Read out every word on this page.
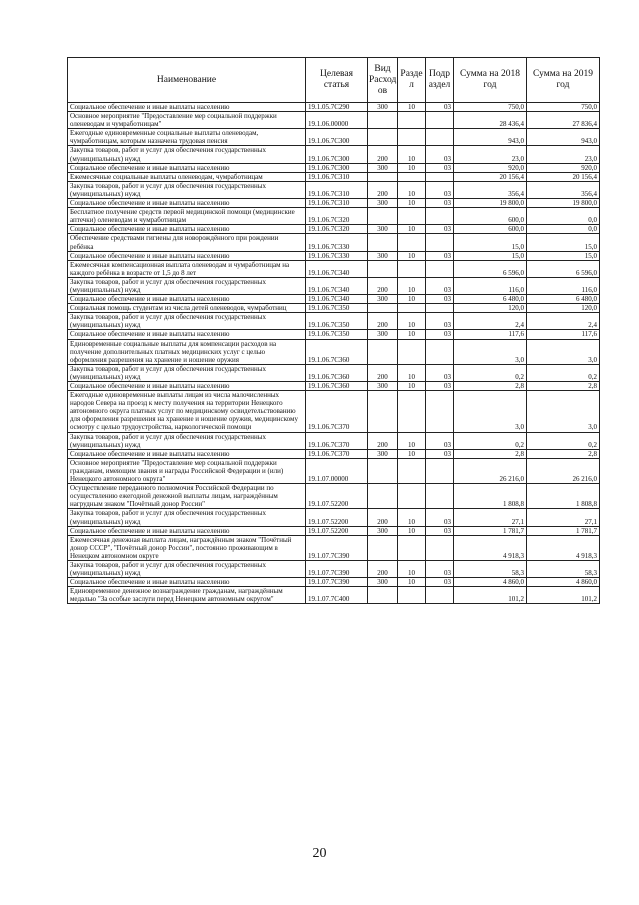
Наименование	Целевая статья	Вид Расход ов	Разде л	Подр аздел	Сумма на 2018 год	Сумма на 2019 год
Социальное обеспечение и иные выплаты населению	19.1.05.7С290	300	10	03	750,0	750,0
Основное мероприятие "Предоставление мер социальной поддержки оленеводам и чумработницам"	19.1.06.00000				28 436,4	27 836,4
Ежегодные единовременные социальные выплаты оленеводам, чумработницам, которым назначена трудовая пенсия	19.1.06.7С300				943,0	943,0
Закупка товаров, работ и услуг для обеспечения государственных (муниципальных) нужд	19.1.06.7С300	200	10	03	23,0	23,0
Социальное обеспечение и иные выплаты населению	19.1.06.7С300	300	10	03	920,0	920,0
Ежемесячные социальные выплаты оленеводам, чумработницам	19.1.06.7С310				20 156,4	20 156,4
Закупка товаров, работ и услуг для обеспечения государственных (муниципальных) нужд	19.1.06.7С310	200	10	03	356,4	356,4
Социальное обеспечение и иные выплаты населению	19.1.06.7С310	300	10	03	19 800,0	19 800,0
Бесплатное получение средств первой медицинской помощи (медицинские аптечки) оленеводам и чумработницам	19.1.06.7С320				600,0	0,0
Социальное обеспечение и иные выплаты населению	19.1.06.7С320	300	10	03	600,0	0,0
Обеспечение средствами гигиены для новорождённого при рождении ребёнка	19.1.06.7С330				15,0	15,0
Социальное обеспечение и иные выплаты населению	19.1.06.7С330	300	10	03	15,0	15,0
Ежемесячная компенсационная выплата оленеводам и чумработницам на каждого ребёнка в возрасте от 1,5 до 8 лет	19.1.06.7С340				6 596,0	6 596,0
Закупка товаров, работ и услуг для обеспечения государственных (муниципальных) нужд	19.1.06.7С340	200	10	03	116,0	116,0
Социальное обеспечение и иные выплаты населению	19.1.06.7С340	300	10	03	6 480,0	6 480,0
Социальная помощь студентам из числа детей оленеводов, чумработниц	19.1.06.7С350				120,0	120,0
Закупка товаров, работ и услуг для обеспечения государственных (муниципальных) нужд	19.1.06.7С350	200	10	03	2,4	2,4
Социальное обеспечение и иные выплаты населению	19.1.06.7С350	300	10	03	117,6	117,6
Единовременные социальные выплаты для компенсации расходов на получение дополнительных платных медицинских услуг с целью оформления разрешения на хранение и ношение оружия	19.1.06.7С360				3,0	3,0
Закупка товаров, работ и услуг для обеспечения государственных (муниципальных) нужд	19.1.06.7С360	200	10	03	0,2	0,2
Социальное обеспечение и иные выплаты населению	19.1.06.7С360	300	10	03	2,8	2,8
Ежегодные единовременные выплаты лицам из числа малочисленных народов Севера на проезд к месту получения на территории Ненецкого автономного округа платных услуг по медицинскому освидетельствованию для оформления разрешения на хранение и ношение оружия, медицинскому осмотру с целью трудоустройства, наркологической помощи	19.1.06.7С370				3,0	3,0
Закупка товаров, работ и услуг для обеспечения государственных (муниципальных) нужд	19.1.06.7С370	200	10	03	0,2	0,2
Социальное обеспечение и иные выплаты населению	19.1.06.7С370	300	10	03	2,8	2,8
Основное мероприятие "Предоставление мер социальной поддержки гражданам, имеющим звания и награды Российской Федерации и (или) Ненецкого автономного округа"	19.1.07.00000				26 216,0	26 216,0
Осуществление переданного полномочия Российской Федерации по осуществлению ежегодной денежной выплаты лицам, награждённым нагрудным знаком "Почётный донор России"	19.1.07.52200				1 808,8	1 808,8
Закупка товаров, работ и услуг для обеспечения государственных (муниципальных) нужд	19.1.07.52200	200	10	03	27,1	27,1
Социальное обеспечение и иные выплаты населению	19.1.07.52200	300	10	03	1 781,7	1 781,7
Ежемесячная денежная выплата лицам, награждённым знаком "Почётный донор СССР", "Почётный донор России", постоянно проживающим в Ненецком автономном округе	19.1.07.7С390				4 918,3	4 918,3
Закупка товаров, работ и услуг для обеспечения государственных (муниципальных) нужд	19.1.07.7С390	200	10	03	58,3	58,3
Социальное обеспечение и иные выплаты населению	19.1.07.7С390	300	10	03	4 860,0	4 860,0
Единовременное денежное вознаграждение гражданам, награждённым медалью "За особые заслуги перед Ненецким автономным округом"	19.1.07.7С400				101,2	101,2
20
